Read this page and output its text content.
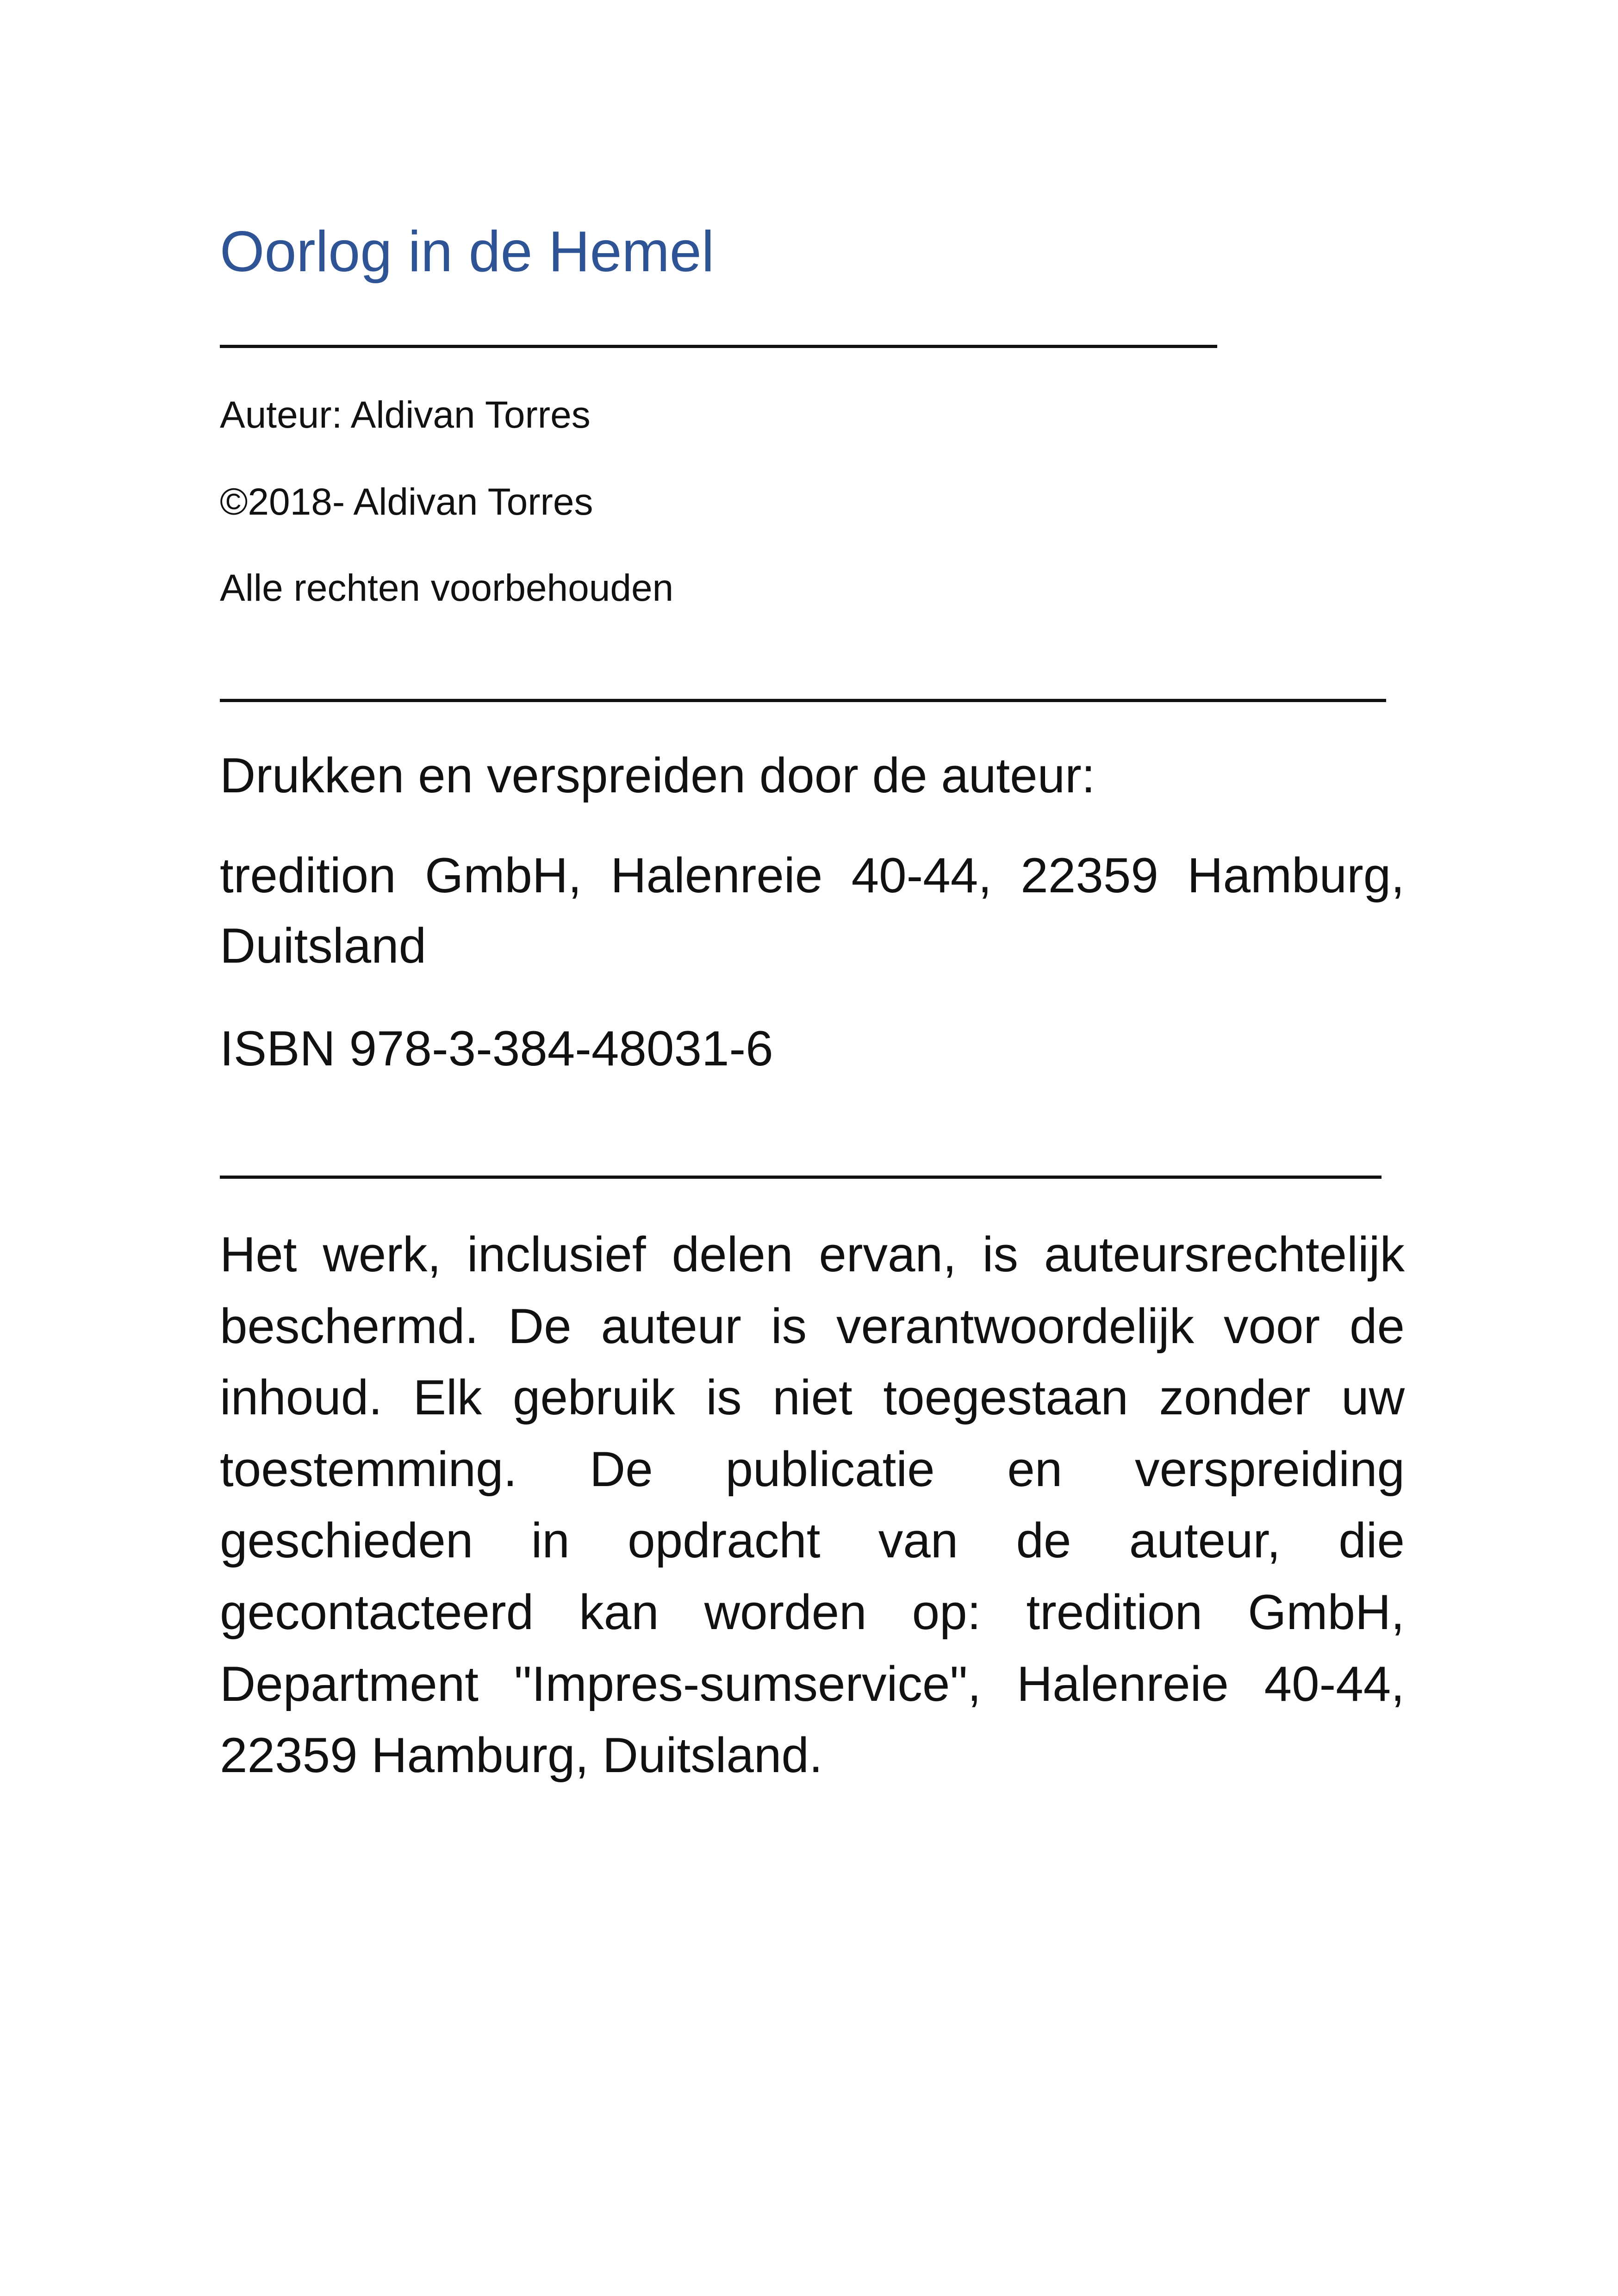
Oorlog in de Hemel

Auteur: Aldivan Torres

©2018- Aldivan Torres

Alle rechten voorbehouden

Drukken en verspreiden door de auteur:

tredition GmbH, Halenreie 40-44, 22359 Hamburg, Duitsland

ISBN 978-3-384-48031-6

Het werk, inclusief delen ervan, is auteursrechtelijk beschermd. De auteur is verantwoordelijk voor de inhoud. Elk gebruik is niet toegestaan zonder uw toestemming. De publicatie en verspreiding geschieden in opdracht van de auteur, die gecontacteerd kan worden op: tredition GmbH, Department "Impres-sumservice", Halenreie 40-44, 22359 Hamburg, Duitsland.
